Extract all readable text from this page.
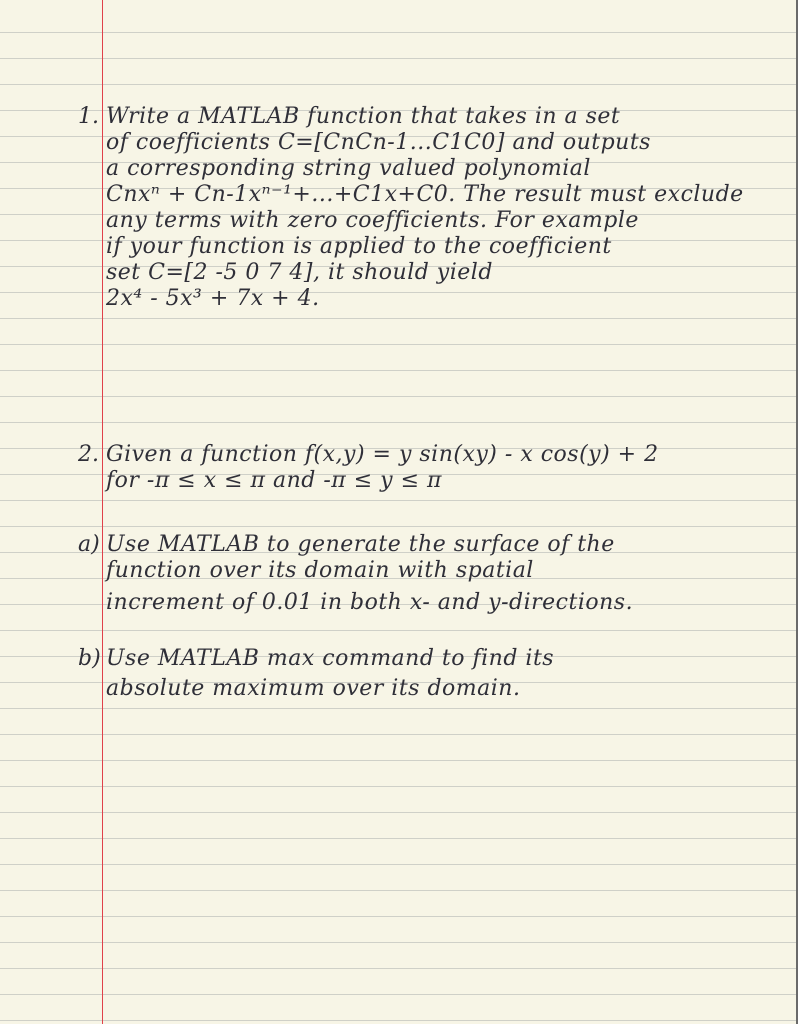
1. Write a MATLAB function that takes in a set
of coefficients C=[CnCn-1...C1C0] and outputs
a corresponding string valued polynomial
Cnxⁿ + Cn-1xⁿ⁻¹+...+C1x+C0. The result must exclude
any terms with zero coefficients. For example
if your function is applied to the coefficient
set C=[2 -5 0 7 4], it should yield
2x⁴ - 5x³ + 7x + 4.
2. Given a function f(x,y) = y sin(xy) - x cos(y) + 2
for -π ≤ x ≤ π and -π ≤ y ≤ π
a) Use MATLAB to generate the surface of the
function over its domain with spatial
increment of 0.01 in both x- and y-directions.
b) Use MATLAB max command to find its
absolute maximum over its domain.
